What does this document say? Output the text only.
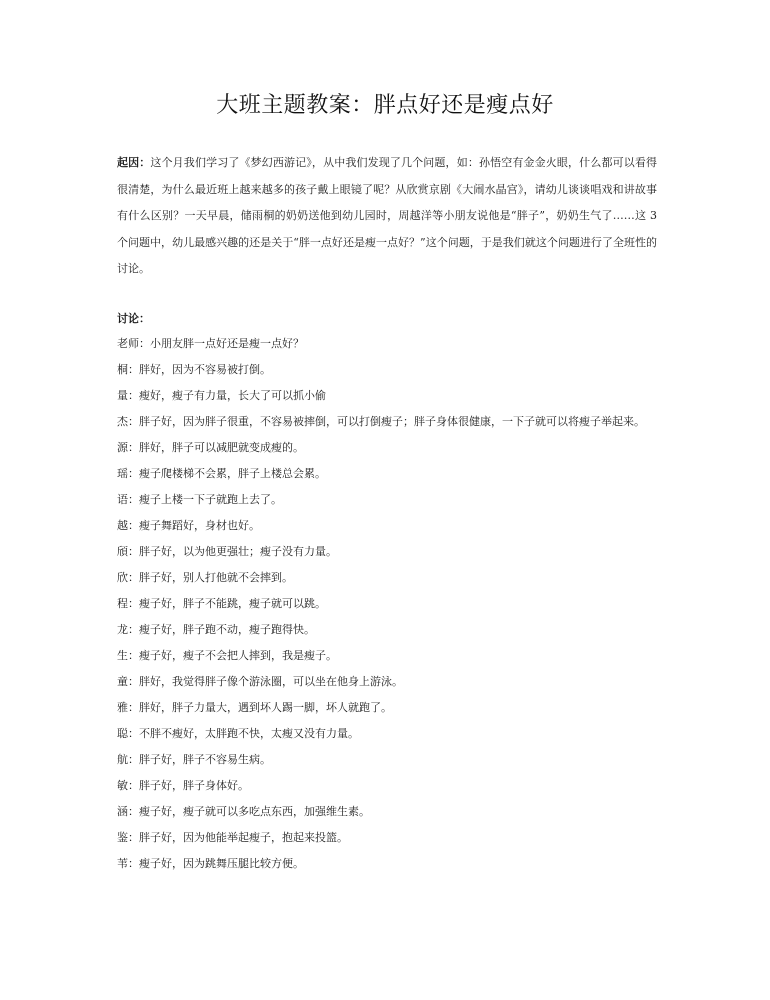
大班主题教案：胖点好还是瘦点好
起因：这个月我们学习了《梦幻西游记》，从中我们发现了几个问题，如：孙悟空有金金火眼，什么都可以看得很清楚，为什么最近班上越来越多的孩子戴上眼镜了呢？从欣赏京剧《大闹水晶宫》，请幼儿谈谈唱戏和讲故事有什么区别？一天早晨，储雨桐的奶奶送他到幼儿园时，周越洋等小朋友说他是“胖子”，奶奶生气了……这 3 个问题中，幼儿最感兴趣的还是关于“胖一点好还是瘦一点好？”这个问题，于是我们就这个问题进行了全班性的讨论。
讨论：
老师：小朋友胖一点好还是瘦一点好？
桐：胖好，因为不容易被打倒。
量：瘦好，瘦子有力量，长大了可以抓小偷
杰：胖子好，因为胖子很重，不容易被摔倒，可以打倒瘦子；胖子身体很健康，一下子就可以将瘦子举起来。
源：胖好，胖子可以减肥就变成瘦的。
瑶：瘦子爬楼梯不会累，胖子上楼总会累。
语：瘦子上楼一下子就跑上去了。
越：瘦子舞蹈好，身材也好。
頎：胖子好，以为他更强壮；瘦子没有力量。
欣：胖子好，别人打他就不会摔到。
程：瘦子好，胖子不能跳，瘦子就可以跳。
龙：瘦子好，胖子跑不动，瘦子跑得快。
生：瘦子好，瘦子不会把人摔到，我是瘦子。
童：胖好，我觉得胖子像个游泳圈，可以坐在他身上游泳。
雅：胖好，胖子力量大，遇到坏人踢一脚，坏人就跑了。
聪：不胖不瘦好，太胖跑不快，太瘦又没有力量。
航：胖子好，胖子不容易生病。
敏：胖子好，胖子身体好。
涵：瘦子好，瘦子就可以多吃点东西，加强维生素。
鉴：胖子好，因为他能举起瘦子，抱起来投篮。
苇：瘦子好，因为跳舞压腿比较方便。
